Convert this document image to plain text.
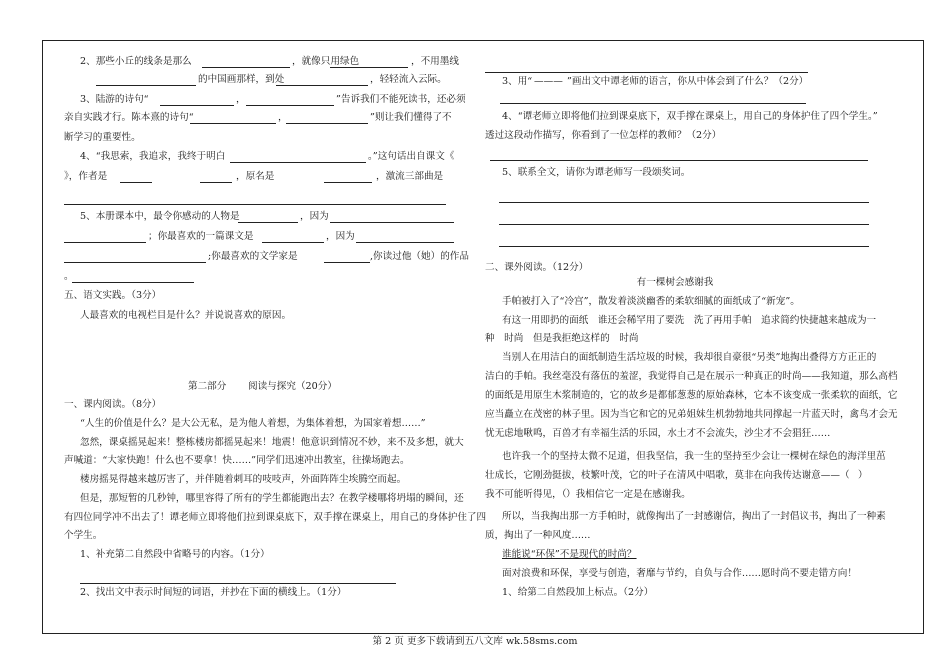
2、那些小丘的线条是那么	，就像只用绿色	，不用墨线
的中国画那样，到处	，轻轻流入云际。
3、陆游的诗句“	，	”告诉我们不能死读书，还必须
亲自实践才行。陈本熹的诗句“	，	”则让我们懂得了不
断学习的重要性。
4、“我思索，我追求，我终于明白	。”这句话出自课文《
》，作者是	，原名是	，激流三部曲是
5、本册课本中，最令你感动的人物是	，因为
；你最喜欢的一篇课文是	，因为
;你最喜欢的文学家是	,你读过他（她）的作品
。
五、语文实践。（3分）
人最喜欢的电视栏目是什么？并说说喜欢的原因。
第二部分 阅读与探究（20分）
一、课内阅读。（8分）
“人生的价值是什么？是大公无私，是为他人着想，为集体着想，为国家着想……”
忽然，课桌摇晃起来！整栋楼房都摇晃起来！地震！他意识到情况不妙，来不及多想，就大
声喊道：“大家快跑！什么也不要拿！快……”同学们迅速冲出教室，往操场跑去。
楼房摇晃得越来越厉害了，并伴随着刺耳的吱吱声，外面阵阵尘埃腾空而起。
但是，那短暂的几秒钟，哪里容得了所有的学生都能跑出去？在教学楼哪将坍塌的瞬间，还
有四位同学冲不出去了！谭老师立即将他们拉到课桌底下，双手撑在课桌上，用自己的身体护住了四
个学生。
1、补充第二自然段中省略号的内容。（1分）
2、找出文中表示时间短的词语，并抄在下面的横线上。（1分）
3、用“ ——— ”画出文中谭老师的语言，你从中体会到了什么？（2分）
4、“谭老师立即将他们拉到课桌底下，双手撑在课桌上，用自己的身体护住了四个学生。”
透过这段动作描写，你看到了一位怎样的教师？（2分）
5、联系全文，请你为谭老师写一段颂奖词。
二、课外阅读。（12分）
有一棵树会感谢我
手帕被打入了“冷宫”，散发着淡淡幽香的柔软细腻的面纸成了“新宠”。
有这一用即扔的面纸　谁还会稀罕用了要洗　洗了再用手帕　追求简约快捷越来越成为一
种　时尚　但是我拒绝这样的　时尚
当别人在用洁白的面纸制造生活垃圾的时候，我却很自豪很“另类”地掏出叠得方方正正的
洁白的手帕。我丝毫没有落伍的羞涩，我觉得自己是在展示一种真正的时尚——我知道，那么高档
的面纸是用原生木浆制造的，它的故乡是都郁葱葱的原始森林，它本不该变成一张柔软的面纸，它
应当矗立在茂密的林子里。因为当它和它的兄弟姐妹生机勃勃地共同撑起一片蓝天时，禽鸟才会无
忧无虑地啾鸣，百兽才有幸福生活的乐园，水土才不会流失，沙尘才不会猖狂……
也许我一个的坚持太微不足道，但我坚信，我一生的坚持至少会让一棵树在绿色的海洋里茁
壮成长，它刚劲挺拔，枝繁叶茂，它的叶子在清风中唱歌，莫非在向我传达谢意——（ ）
我不可能听得见，（ ）我相信它一定是在感谢我。
所以，当我掏出那一方手帕时，就像掏出了一封感谢信，掏出了一封倡议书，掏出了一种素
质，掏出了一种风度……
谁能说“环保”不是现代的时尚？
面对浪费和环保，享受与创造，奢靡与节约，自负与合作……愿时尚不要走错方向！
1、给第二自然段加上标点。（2分）
第 2 页 更多下载请到五八文库 wk.58sms.com
